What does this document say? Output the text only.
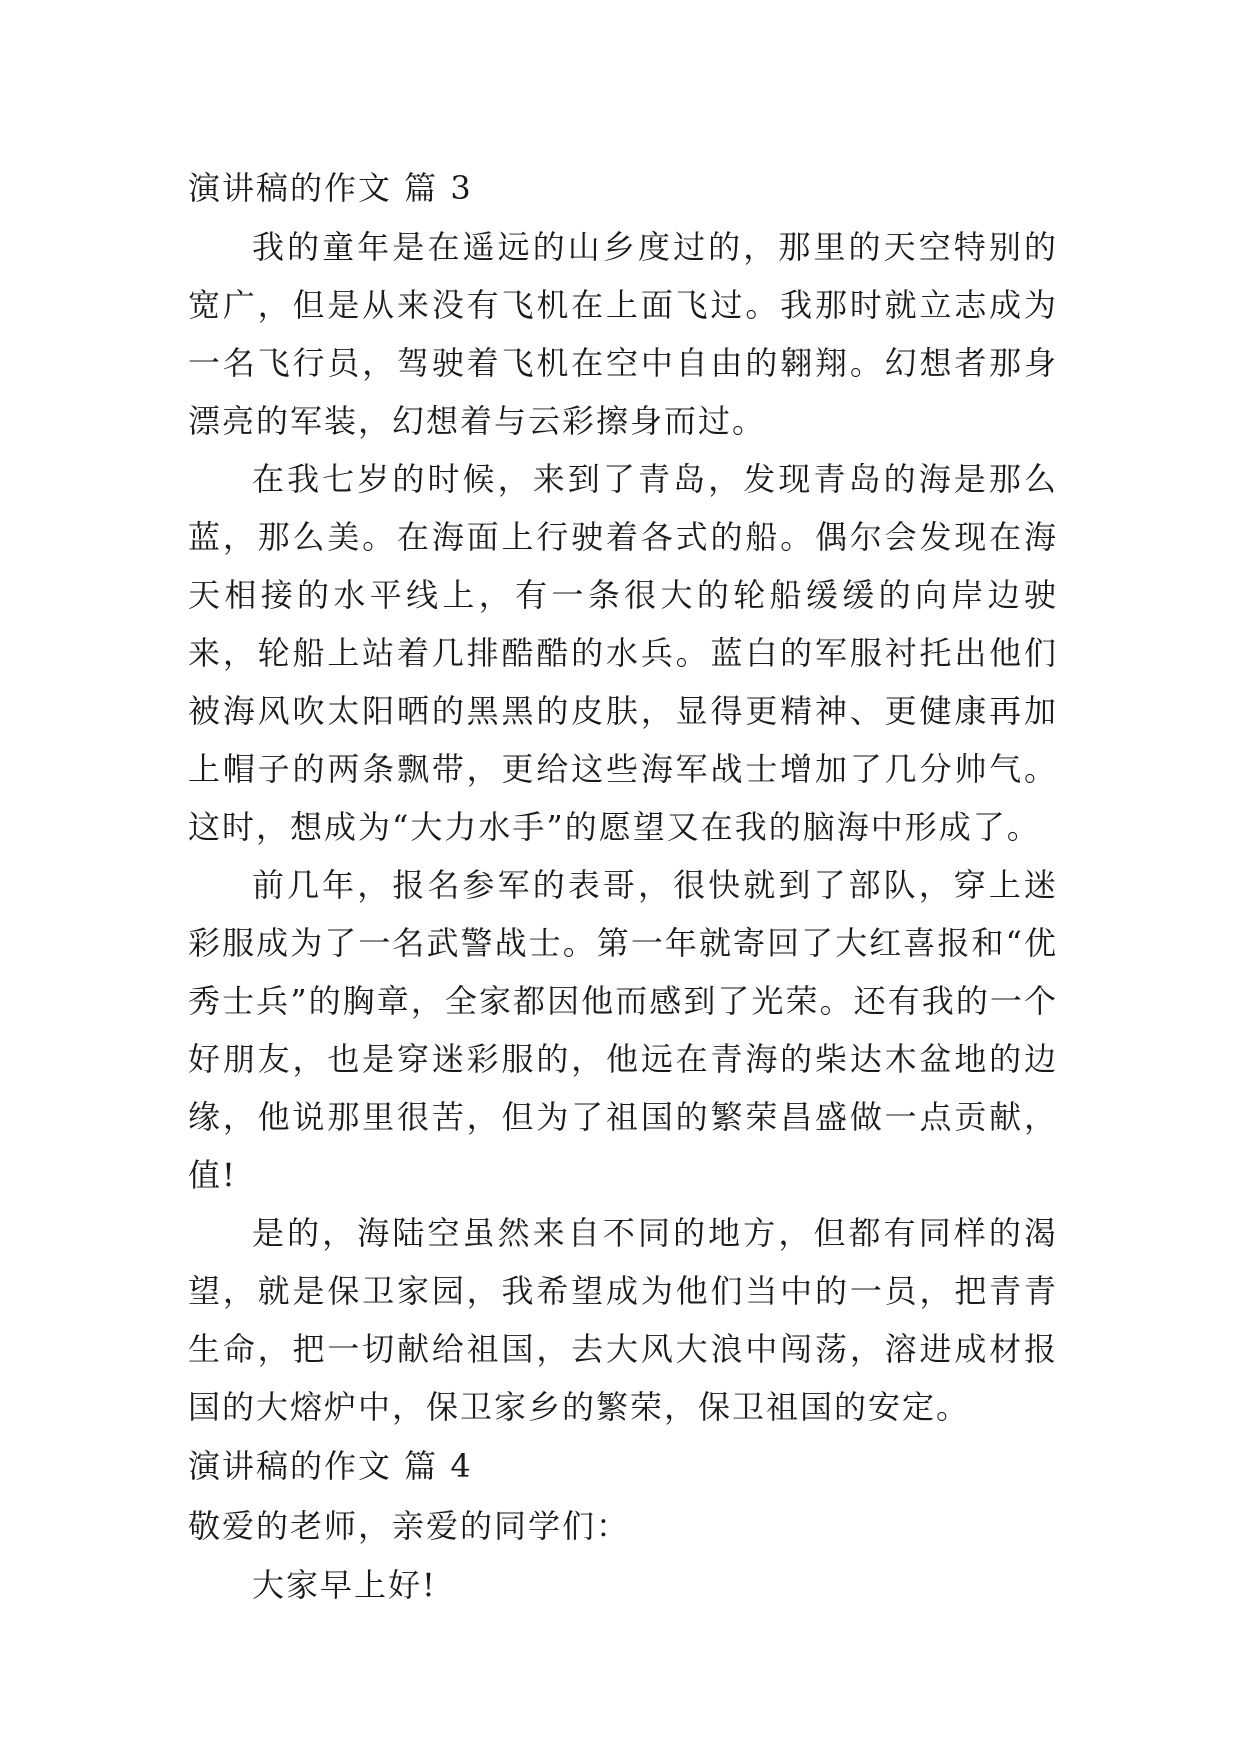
演讲稿的作文 篇 3

我的童年是在遥远的山乡度过的，那里的天空特别的宽广，但是从来没有飞机在上面飞过。我那时就立志成为一名飞行员，驾驶着飞机在空中自由的翱翔。幻想者那身漂亮的军装，幻想着与云彩擦身而过。

在我七岁的时候，来到了青岛，发现青岛的海是那么蓝，那么美。在海面上行驶着各式的船。偶尔会发现在海天相接的水平线上，有一条很大的轮船缓缓的向岸边驶来，轮船上站着几排酷酷的水兵。蓝白的军服衬托出他们被海风吹太阳晒的黑黑的皮肤，显得更精神、更健康再加上帽子的两条飘带，更给这些海军战士增加了几分帅气。这时，想成为“大力水手”的愿望又在我的脑海中形成了。

前几年，报名参军的表哥，很快就到了部队，穿上迷彩服成为了一名武警战士。第一年就寄回了大红喜报和“优秀士兵”的胸章，全家都因他而感到了光荣。还有我的一个好朋友，也是穿迷彩服的，他远在青海的柴达木盆地的边缘，他说那里很苦，但为了祖国的繁荣昌盛做一点贡献，值!

是的，海陆空虽然来自不同的地方，但都有同样的渴望，就是保卫家园，我希望成为他们当中的一员，把青青生命，把一切献给祖国，去大风大浪中闯荡，溶进成材报国的大熔炉中，保卫家乡的繁荣，保卫祖国的安定。

演讲稿的作文 篇 4

敬爱的老师，亲爱的同学们：

大家早上好!
